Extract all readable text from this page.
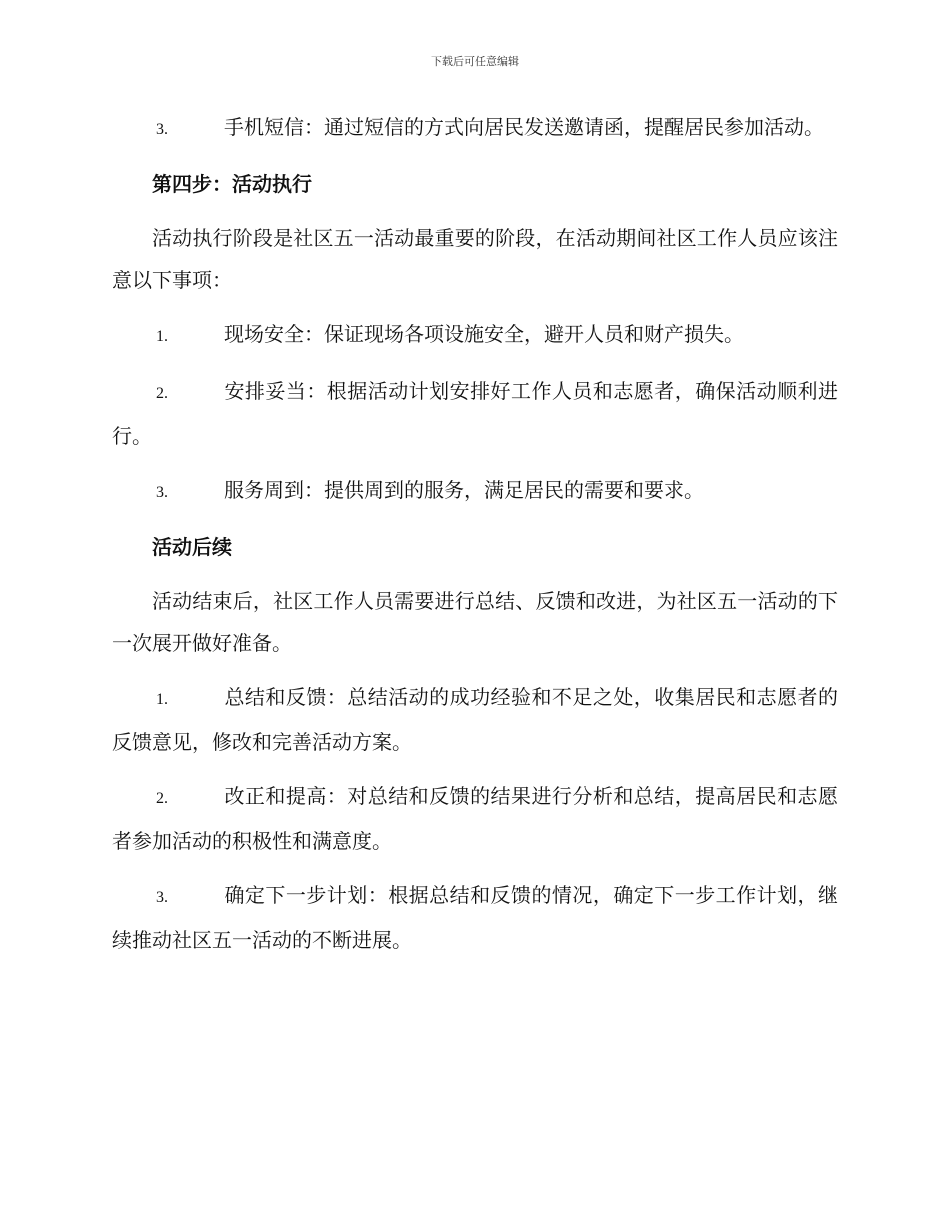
下载后可任意编辑
3.	手机短信：通过短信的方式向居民发送邀请函，提醒居民参加活动。
第四步：活动执行
活动执行阶段是社区五一活动最重要的阶段，在活动期间社区工作人员应该注意以下事项：
1.	现场安全：保证现场各项设施安全，避开人员和财产损失。
2.	安排妥当：根据活动计划安排好工作人员和志愿者，确保活动顺利进行。
3.	服务周到：提供周到的服务，满足居民的需要和要求。
活动后续
活动结束后，社区工作人员需要进行总结、反馈和改进，为社区五一活动的下一次展开做好准备。
1.	总结和反馈：总结活动的成功经验和不足之处，收集居民和志愿者的反馈意见，修改和完善活动方案。
2.	改正和提高：对总结和反馈的结果进行分析和总结，提高居民和志愿者参加活动的积极性和满意度。
3.	确定下一步计划：根据总结和反馈的情况，确定下一步工作计划，继续推动社区五一活动的不断进展。
